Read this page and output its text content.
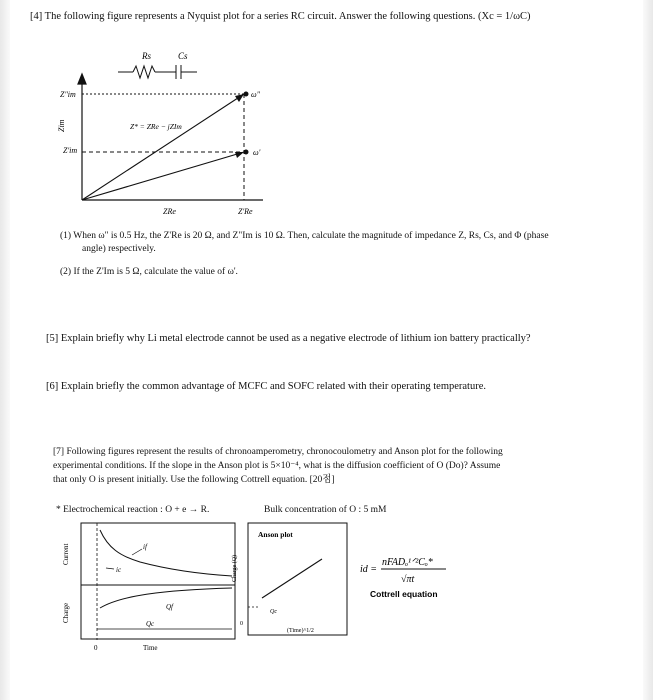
[4] The following figure represents a Nyquist plot for a series RC circuit. Answer the following questions. (Xc = 1/ωC)
Rs	Cs
Zim
Z"im
Z'im
ω"
ω'
Z* = ZRe − jZIm
ZRe	Z'Re
(1) When ω" is 0.5 Hz, the Z'Re is 20 Ω, and Z"Im is 10 Ω. Then, calculate the magnitude of impedance Z, Rs, Cs, and Φ (phase
angle) respectively.
(2) If the Z'Im is 5 Ω, calculate the value of ω'.
[5] Explain briefly why Li metal electrode cannot be used as a negative electrode of lithium ion battery practically?
[6] Explain briefly the common advantage of MCFC and SOFC related with their operating temperature.
[7] Following figures represent the results of chronoamperometry, chronocoulometry and Anson plot for the following
experimental conditions. If the slope in the Anson plot is 5×10⁻⁴, what is the diffusion coefficient of O (Do)? Assume
that only O is present initially. Use the following Cottrell equation. [20점]
* Electrochemical reaction : O + e → R.	Bulk concentration of O : 5 mM
if
ic
Current
Qf
Qc
Charge
0	Time
Anson plot
Qc
Charge (Q)
(Time)^1/2
0
id =
nFADₒ¹ᐟ²Cₒ*
√πt
Cottrell equation
